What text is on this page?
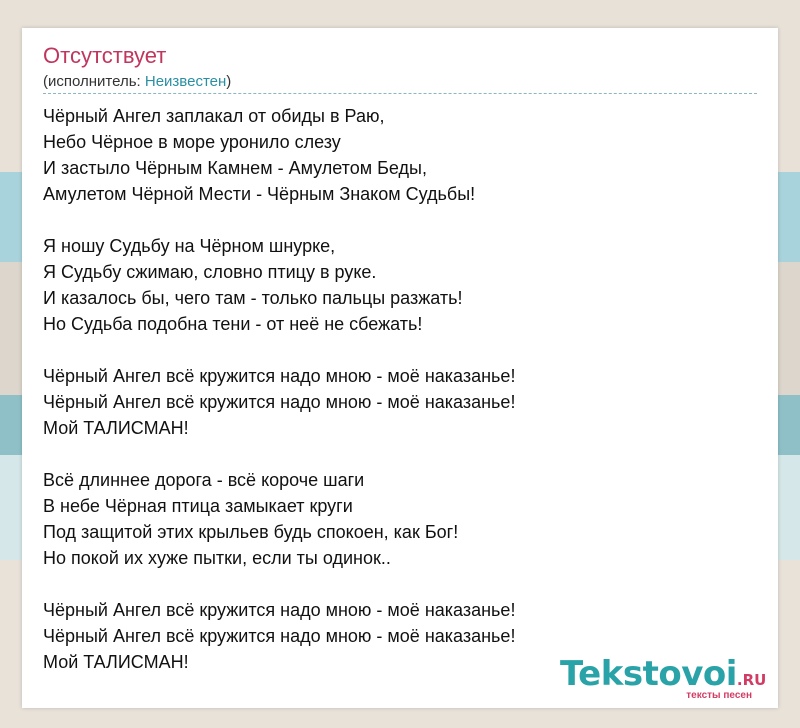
Отсутствует
(исполнитель: Неизвестен)
Чёрный Ангел заплакал от обиды в Раю,
Небо Чёрное в море уронило слезу
И застыло Чёрным Камнем - Амулетом Беды,
Амулетом Чёрной Мести - Чёрным Знаком Судьбы!
Я ношу Судьбу на Чёрном шнурке,
Я Судьбу сжимаю, словно птицу в руке.
И казалось бы, чего там - только пальцы разжать!
Но Судьба подобна тени - от неё не сбежать!
Чёрный Ангел всё кружится надо мною - моё наказанье!
Чёрный Ангел всё кружится надо мною - моё наказанье!
Мой ТАЛИСМАН!
Всё длиннее дорога - всё короче шаги
В небе Чёрная птица замыкает круги
Под защитой этих крыльев будь спокоен, как Бог!
Но покой их хуже пытки, если ты одинок..
Чёрный Ангел всё кружится надо мною - моё наказанье!
Чёрный Ангел всё кружится надо мною - моё наказанье!
Мой ТАЛИСМАН!	Tekstovoi.RU
тексты песен
